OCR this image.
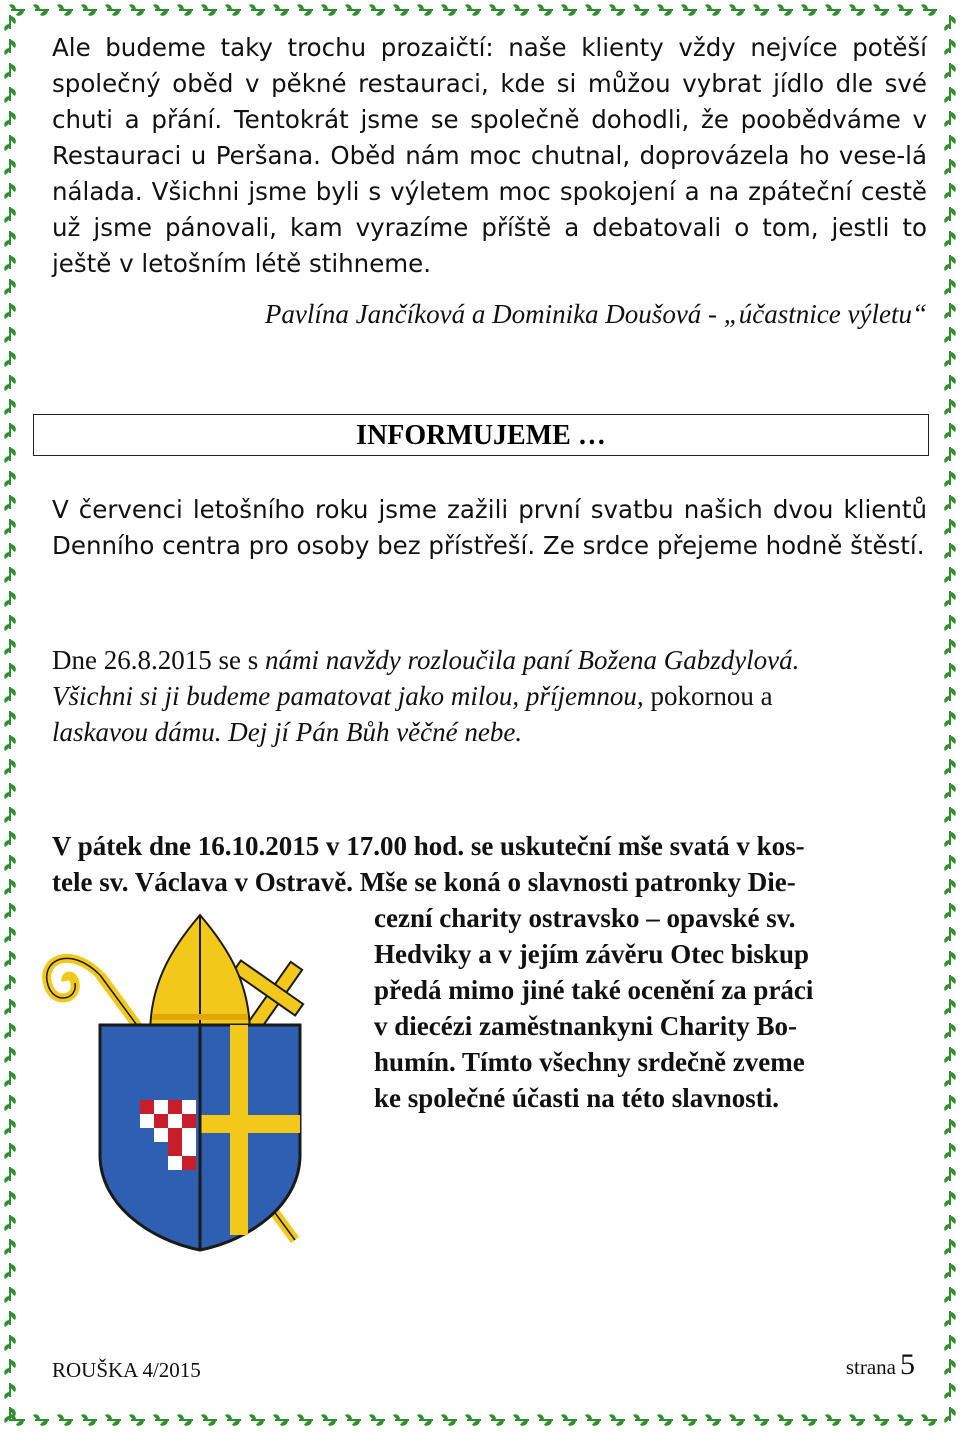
Ale budeme taky trochu prozaičtí: naše klienty vždy nejvíce potěší společný oběd v pěkné restauraci, kde si můžou vybrat jídlo dle své chuti a přání. Tentokrát jsme se společně dohodli, že poobědváme v Restauraci u Peršana. Oběd nám moc chutnal, doprovázela ho vese-lá nálada. Všichni jsme byli s výletem moc spokojení a na zpáteční cestě už jsme pánovali, kam vyrazíme příště a debatovali o tom, jestli to ještě v letošním létě stihneme.
Pavlína Jančíková a Dominika Doušová - „účastnice výletu“
INFORMUJEME …
V červenci letošního roku jsme zažili první svatbu našich dvou klientů Denního centra pro osoby bez přístřeší. Ze srdce přejeme hodně štěstí.
Dne 26.8.2015 se s námi navždy rozloučila paní Božena Gabzdylová.
Všichni si ji budeme pamatovat jako milou, příjemnou, pokornou a
laskavou dámu. Dej jí Pán Bůh věčné nebe.
V pátek dne 16.10.2015 v 17.00 hod. se uskuteční mše svatá v kos-
tele sv. Václava v Ostravě. Mše se koná o slavnosti patronky Die-
cezní charity ostravsko – opavské sv.
Hedviky a v jejím závěru Otec biskup
předá mimo jiné také ocenění za práci
v diecézi zaměstnankyni Charity Bo-
humín. Tímto všechny srdečně zveme
ke společné účasti na této slavnosti.
ROUŠKA 4/2015	strana 5
